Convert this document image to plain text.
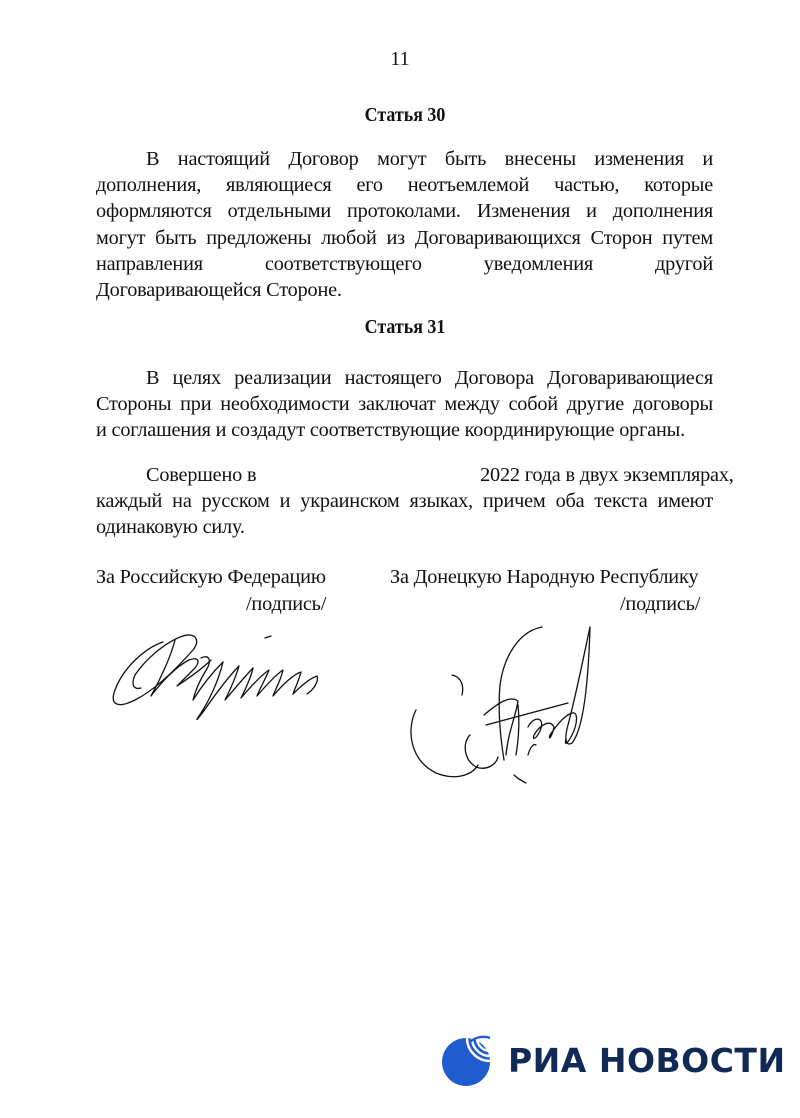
11
Статья 30
В настоящий Договор могут быть внесены изменения и
дополнения, являющиеся его неотъемлемой частью, которые
оформляются отдельными протоколами. Изменения и дополнения
могут быть предложены любой из Договаривающихся Сторон путем
направления соответствующего уведомления другой
Договаривающейся Стороне.
Статья 31
В целях реализации настоящего Договора Договаривающиеся
Стороны при необходимости заключат между собой другие договоры
и соглашения и создадут соответствующие координирующие органы.
Совершено в	2022 года в двух экземплярах,
каждый на русском и украинском языках, причем оба текста имеют
одинаковую силу.
За Российскую Федерацию
/подпись/
За Донецкую Народную Республику
/подпись/
РИА НОВОСТИ
